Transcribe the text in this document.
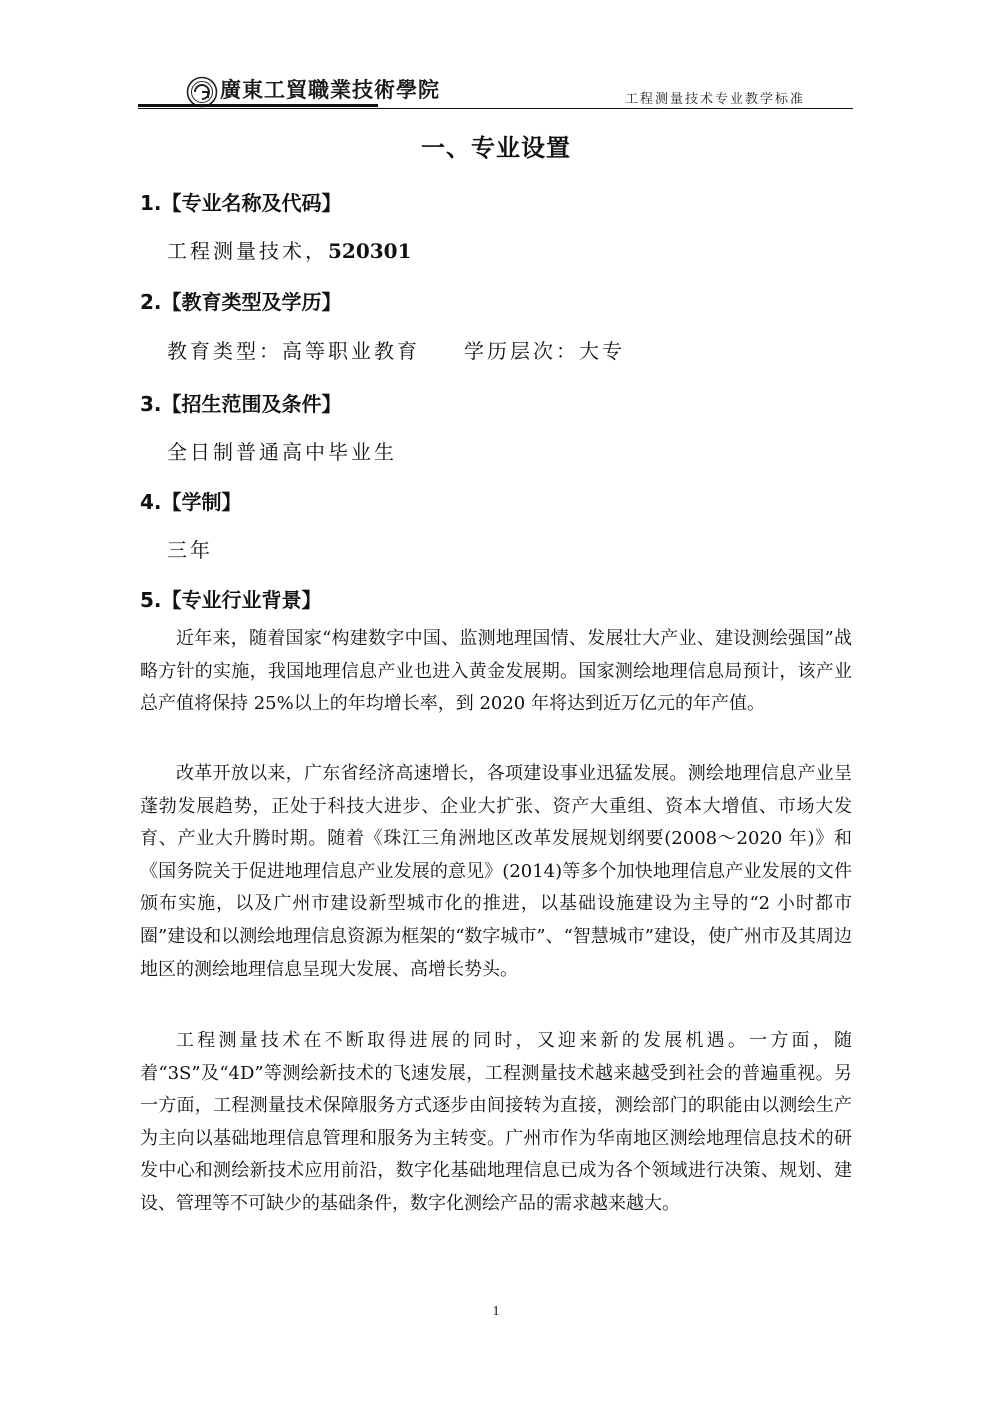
廣東工貿職業技術學院	工程测量技术专业教学标准
一、专业设置
1.【专业名称及代码】
工程测量技术，520301
2.【教育类型及学历】
教育类型：高等职业教育 学历层次：大专
3.【招生范围及条件】
全日制普通高中毕业生
4.【学制】
三年
5.【专业行业背景】

近年来，随着国家“构建数字中国、监测地理国情、发展壮大产业、建设测绘强国”战略方针的实施，我国地理信息产业也进入黄金发展期。国家测绘地理信息局预计，该产业总产值将保持 25%以上的年均增长率，到 2020 年将达到近万亿元的年产值。

改革开放以来，广东省经济高速增长，各项建设事业迅猛发展。测绘地理信息产业呈蓬勃发展趋势，正处于科技大进步、企业大扩张、资产大重组、资本大增值、市场大发育、产业大升腾时期。随着《珠江三角洲地区改革发展规划纲要(2008～2020 年)》和《国务院关于促进地理信息产业发展的意见》(2014)等多个加快地理信息产业发展的文件颁布实施，以及广州市建设新型城市化的推进，以基础设施建设为主导的“2 小时都市圈”建设和以测绘地理信息资源为框架的“数字城市”、“智慧城市”建设，使广州市及其周边地区的测绘地理信息呈现大发展、高增长势头。

工程测量技术在不断取得进展的同时，又迎来新的发展机遇。一方面，随着“3S”及“4D”等测绘新技术的飞速发展，工程测量技术越来越受到社会的普遍重视。另一方面，工程测量技术保障服务方式逐步由间接转为直接，测绘部门的职能由以测绘生产为主向以基础地理信息管理和服务为主转变。广州市作为华南地区测绘地理信息技术的研发中心和测绘新技术应用前沿，数字化基础地理信息已成为各个领域进行决策、规划、建设、管理等不可缺少的基础条件，数字化测绘产品的需求越来越大。

1
